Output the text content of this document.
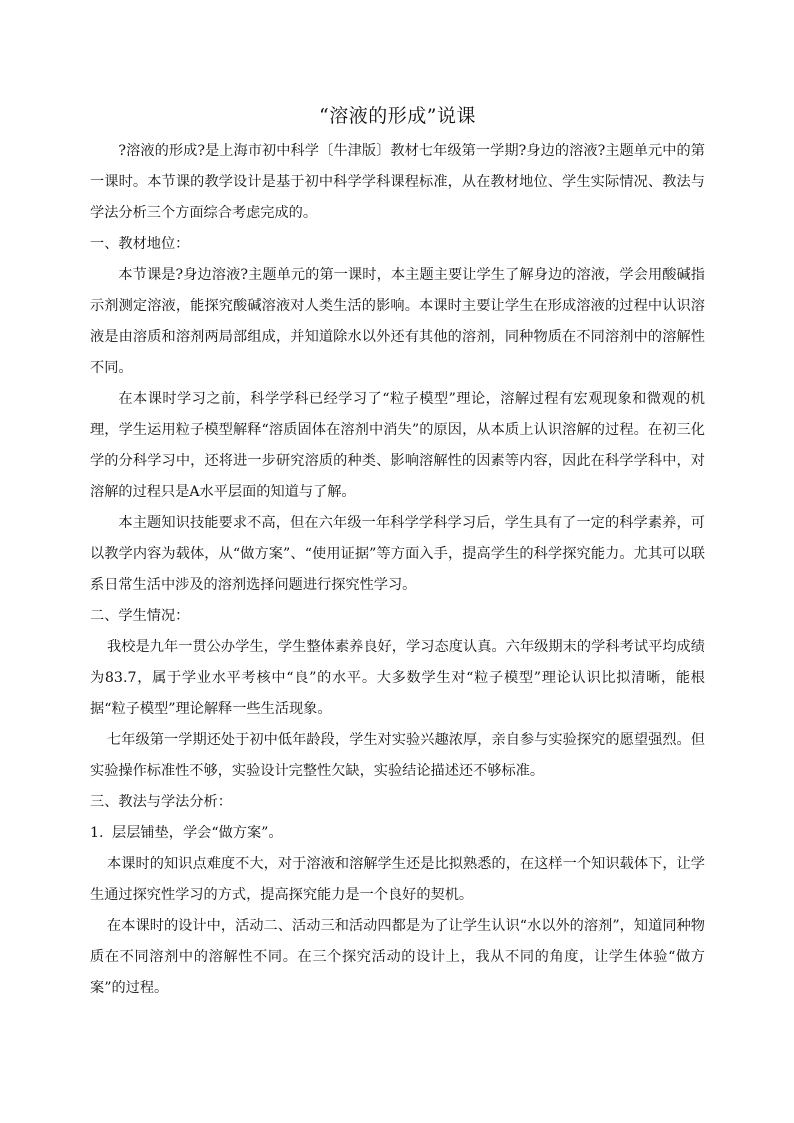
“溶液的形成”说课

?溶液的形成?是上海市初中科学〔牛津版〕教材七年级第一学期?身边的溶液?主题单元中的第一课时。本节课的教学设计是基于初中科学学科课程标准，从在教材地位、学生实际情况、教法与学法分析三个方面综合考虑完成的。

一、教材地位：

本节课是?身边溶液?主题单元的第一课时，本主题主要让学生了解身边的溶液，学会用酸碱指示剂测定溶液，能探究酸碱溶液对人类生活的影响。本课时主要让学生在形成溶液的过程中认识溶液是由溶质和溶剂两局部组成，并知道除水以外还有其他的溶剂，同种物质在不同溶剂中的溶解性不同。

在本课时学习之前，科学学科已经学习了“粒子模型”理论，溶解过程有宏观现象和微观的机理，学生运用粒子模型解释“溶质固体在溶剂中消失”的原因，从本质上认识溶解的过程。在初三化学的分科学习中，还将进一步研究溶质的种类、影响溶解性的因素等内容，因此在科学学科中，对溶解的过程只是A水平层面的知道与了解。

本主题知识技能要求不高，但在六年级一年科学学科学习后，学生具有了一定的科学素养，可以教学内容为载体，从“做方案”、“使用证据”等方面入手，提高学生的科学探究能力。尤其可以联系日常生活中涉及的溶剂选择问题进行探究性学习。

二、学生情况：

我校是九年一贯公办学生，学生整体素养良好，学习态度认真。六年级期末的学科考试平均成绩为83.7，属于学业水平考核中“良”的水平。大多数学生对“粒子模型”理论认识比拟清晰，能根据“粒子模型”理论解释一些生活现象。

七年级第一学期还处于初中低年龄段，学生对实验兴趣浓厚，亲自参与实验探究的愿望强烈。但实验操作标准性不够，实验设计完整性欠缺，实验结论描述还不够标准。

三、教法与学法分析：

1. 层层铺垫，学会“做方案”。

本课时的知识点难度不大，对于溶液和溶解学生还是比拟熟悉的，在这样一个知识载体下，让学生通过探究性学习的方式，提高探究能力是一个良好的契机。

在本课时的设计中，活动二、活动三和活动四都是为了让学生认识“水以外的溶剂”，知道同种物质在不同溶剂中的溶解性不同。在三个探究活动的设计上，我从不同的角度，让学生体验“做方案”的过程。
